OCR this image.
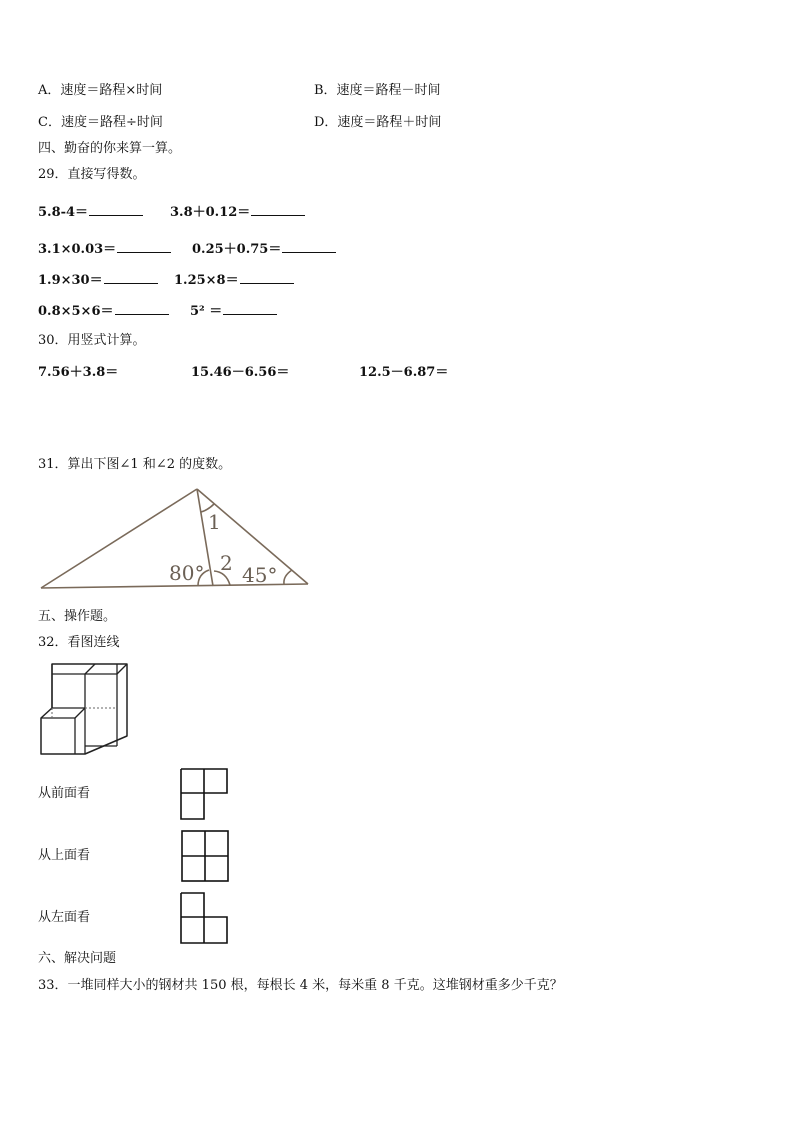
A．速度＝路程×时间	B．速度＝路程－时间
C．速度＝路程÷时间	D．速度＝路程＋时间
四、勤奋的你来算一算。
29．直接写得数。
5.8-4＝	3.8＋0.12＝
3.1×0.03＝	0.25＋0.75＝
1.9×30＝	1.25×8＝
0.8×5×6＝	5² ＝
30．用竖式计算。
7.56＋3.8＝	15.46－6.56＝	12.5－6.87＝
31．算出下图∠1 和∠2 的度数。
1
2
80° 45°
五、操作题。
32．看图连线
从前面看
从上面看
从左面看
六、解决问题
33．一堆同样大小的钢材共 150 根，每根长 4 米，每米重 8 千克。这堆钢材重多少千克？
